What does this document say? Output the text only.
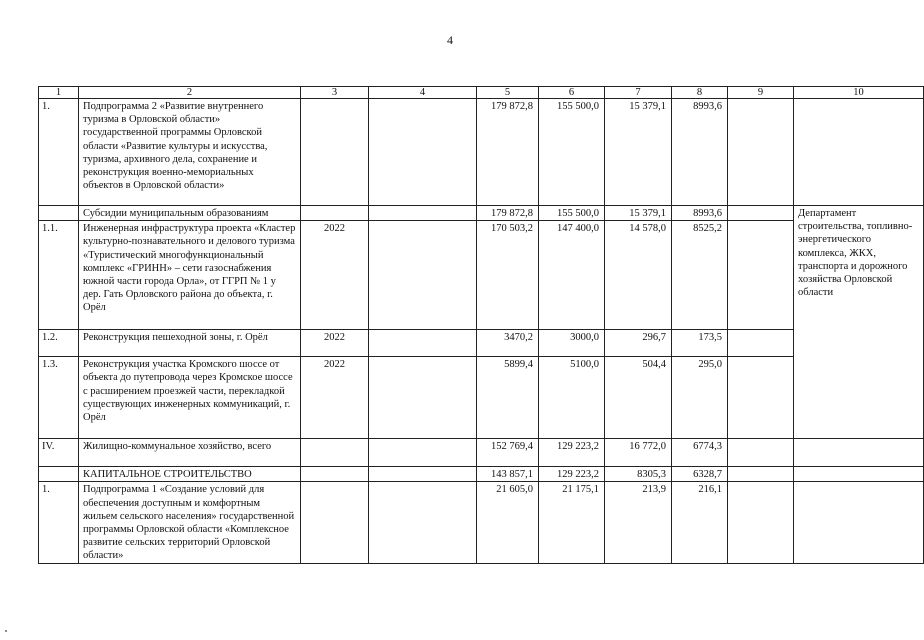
4
1	2	3	4	5	6	7	8	9	10
1.	Подпрограмма 2 «Развитие внутреннего туризма в Орловской области» государственной программы Орловской области «Развитие культуры и искусства, туризма, архивного дела, сохранение и реконструкция военно-мемориальных объектов в Орловской области»			179 872,8	155 500,0	15 379,1	8993,6		
	Субсидии муниципальным образованиям			179 872,8	155 500,0	15 379,1	8993,6		Департамент строительства, топливно-энергетического комплекса, ЖКХ, транспорта и дорожного хозяйства Орловской области
1.1.	Инженерная инфраструктура проекта «Кластер культурно-познавательного и делового туризма «Туристический многофункциональный комплекс «ГРИНН» – сети газоснабжения южной части города Орла», от ГГРП № 1 у дер. Гать Орловского района до объекта, г. Орёл	2022		170 503,2	147 400,0	14 578,0	8525,2		
1.2.	Реконструкция пешеходной зоны, г. Орёл	2022		3470,2	3000,0	296,7	173,5		
1.3.	Реконструкция участка Кромского шоссе от объекта до путепровода через Кромское шоссе с расширением проезжей части, перекладкой существующих инженерных коммуникаций, г. Орёл	2022		5899,4	5100,0	504,4	295,0		
IV.	Жилищно-коммунальное хозяйство, всего			152 769,4	129 223,2	16 772,0	6774,3		
	КАПИТАЛЬНОЕ СТРОИТЕЛЬСТВО			143 857,1	129 223,2	8305,3	6328,7		
1.	Подпрограмма 1 «Создание условий для обеспечения доступным и комфортным жильем сельского населения» государственной программы Орловской области «Комплексное развитие сельских территорий Орловской области»			21 605,0	21 175,1	213,9	216,1		
